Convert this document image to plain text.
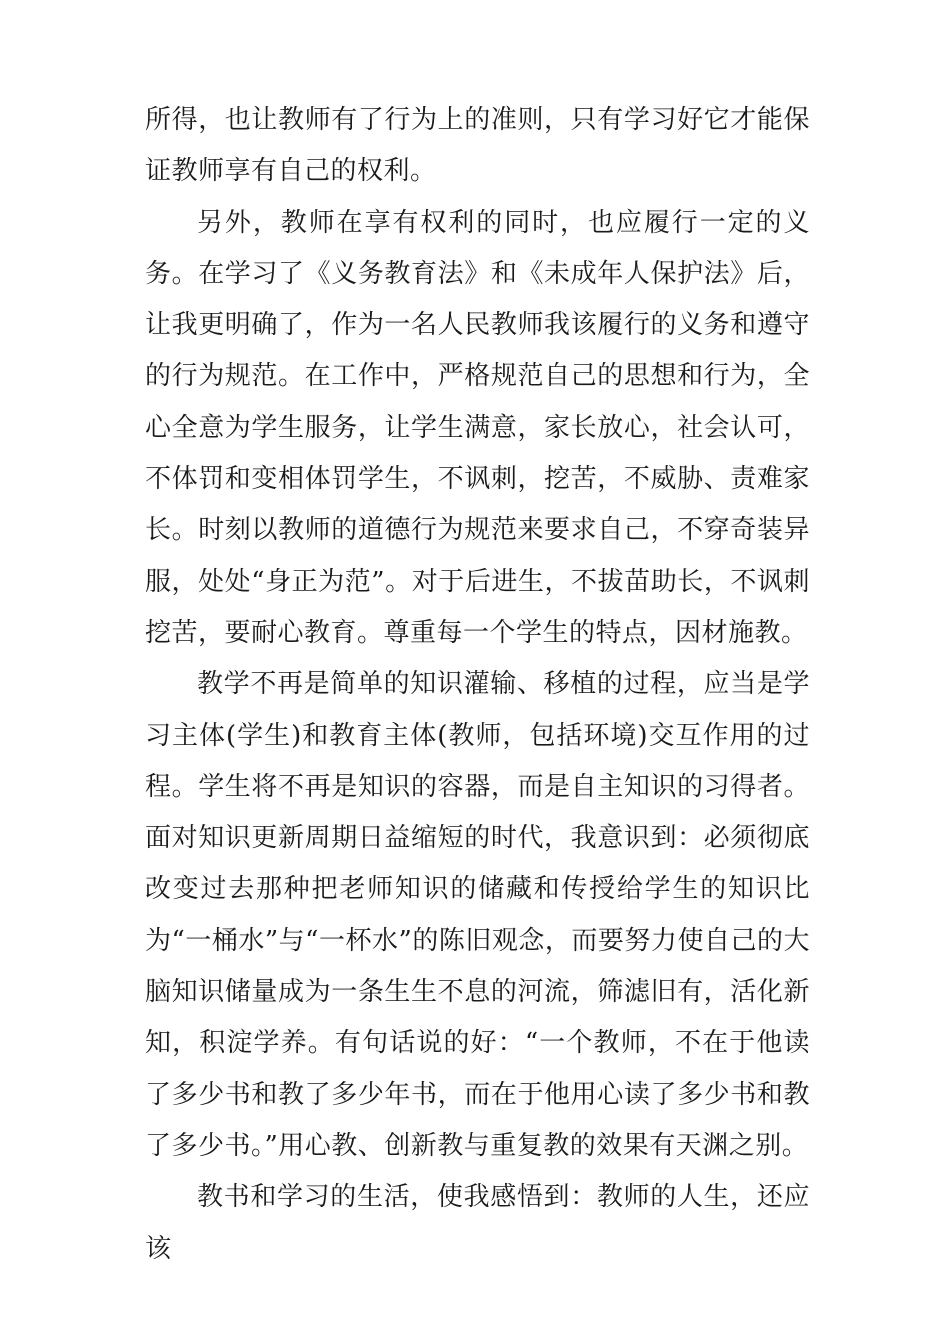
所得，也让教师有了行为上的准则，只有学习好它才能保证教师享有自己的权利。

另外，教师在享有权利的同时，也应履行一定的义务。在学习了《义务教育法》和《未成年人保护法》后，让我更明确了，作为一名人民教师我该履行的义务和遵守的行为规范。在工作中，严格规范自己的思想和行为，全心全意为学生服务，让学生满意，家长放心，社会认可，不体罚和变相体罚学生，不讽刺，挖苦，不威胁、责难家长。时刻以教师的道德行为规范来要求自己，不穿奇装异服，处处“身正为范”。对于后进生，不拔苗助长，不讽刺挖苦，要耐心教育。尊重每一个学生的特点，因材施教。

教学不再是简单的知识灌输、移植的过程，应当是学习主体(学生)和教育主体(教师，包括环境)交互作用的过程。学生将不再是知识的容器，而是自主知识的习得者。面对知识更新周期日益缩短的时代，我意识到：必须彻底改变过去那种把老师知识的储藏和传授给学生的知识比为“一桶水”与“一杯水”的陈旧观念，而要努力使自己的大脑知识储量成为一条生生不息的河流，筛滤旧有，活化新知，积淀学养。有句话说的好：“一个教师，不在于他读了多少书和教了多少年书，而在于他用心读了多少书和教了多少书。”用心教、创新教与重复教的效果有天渊之别。

教书和学习的生活，使我感悟到：教师的人生，还应该
